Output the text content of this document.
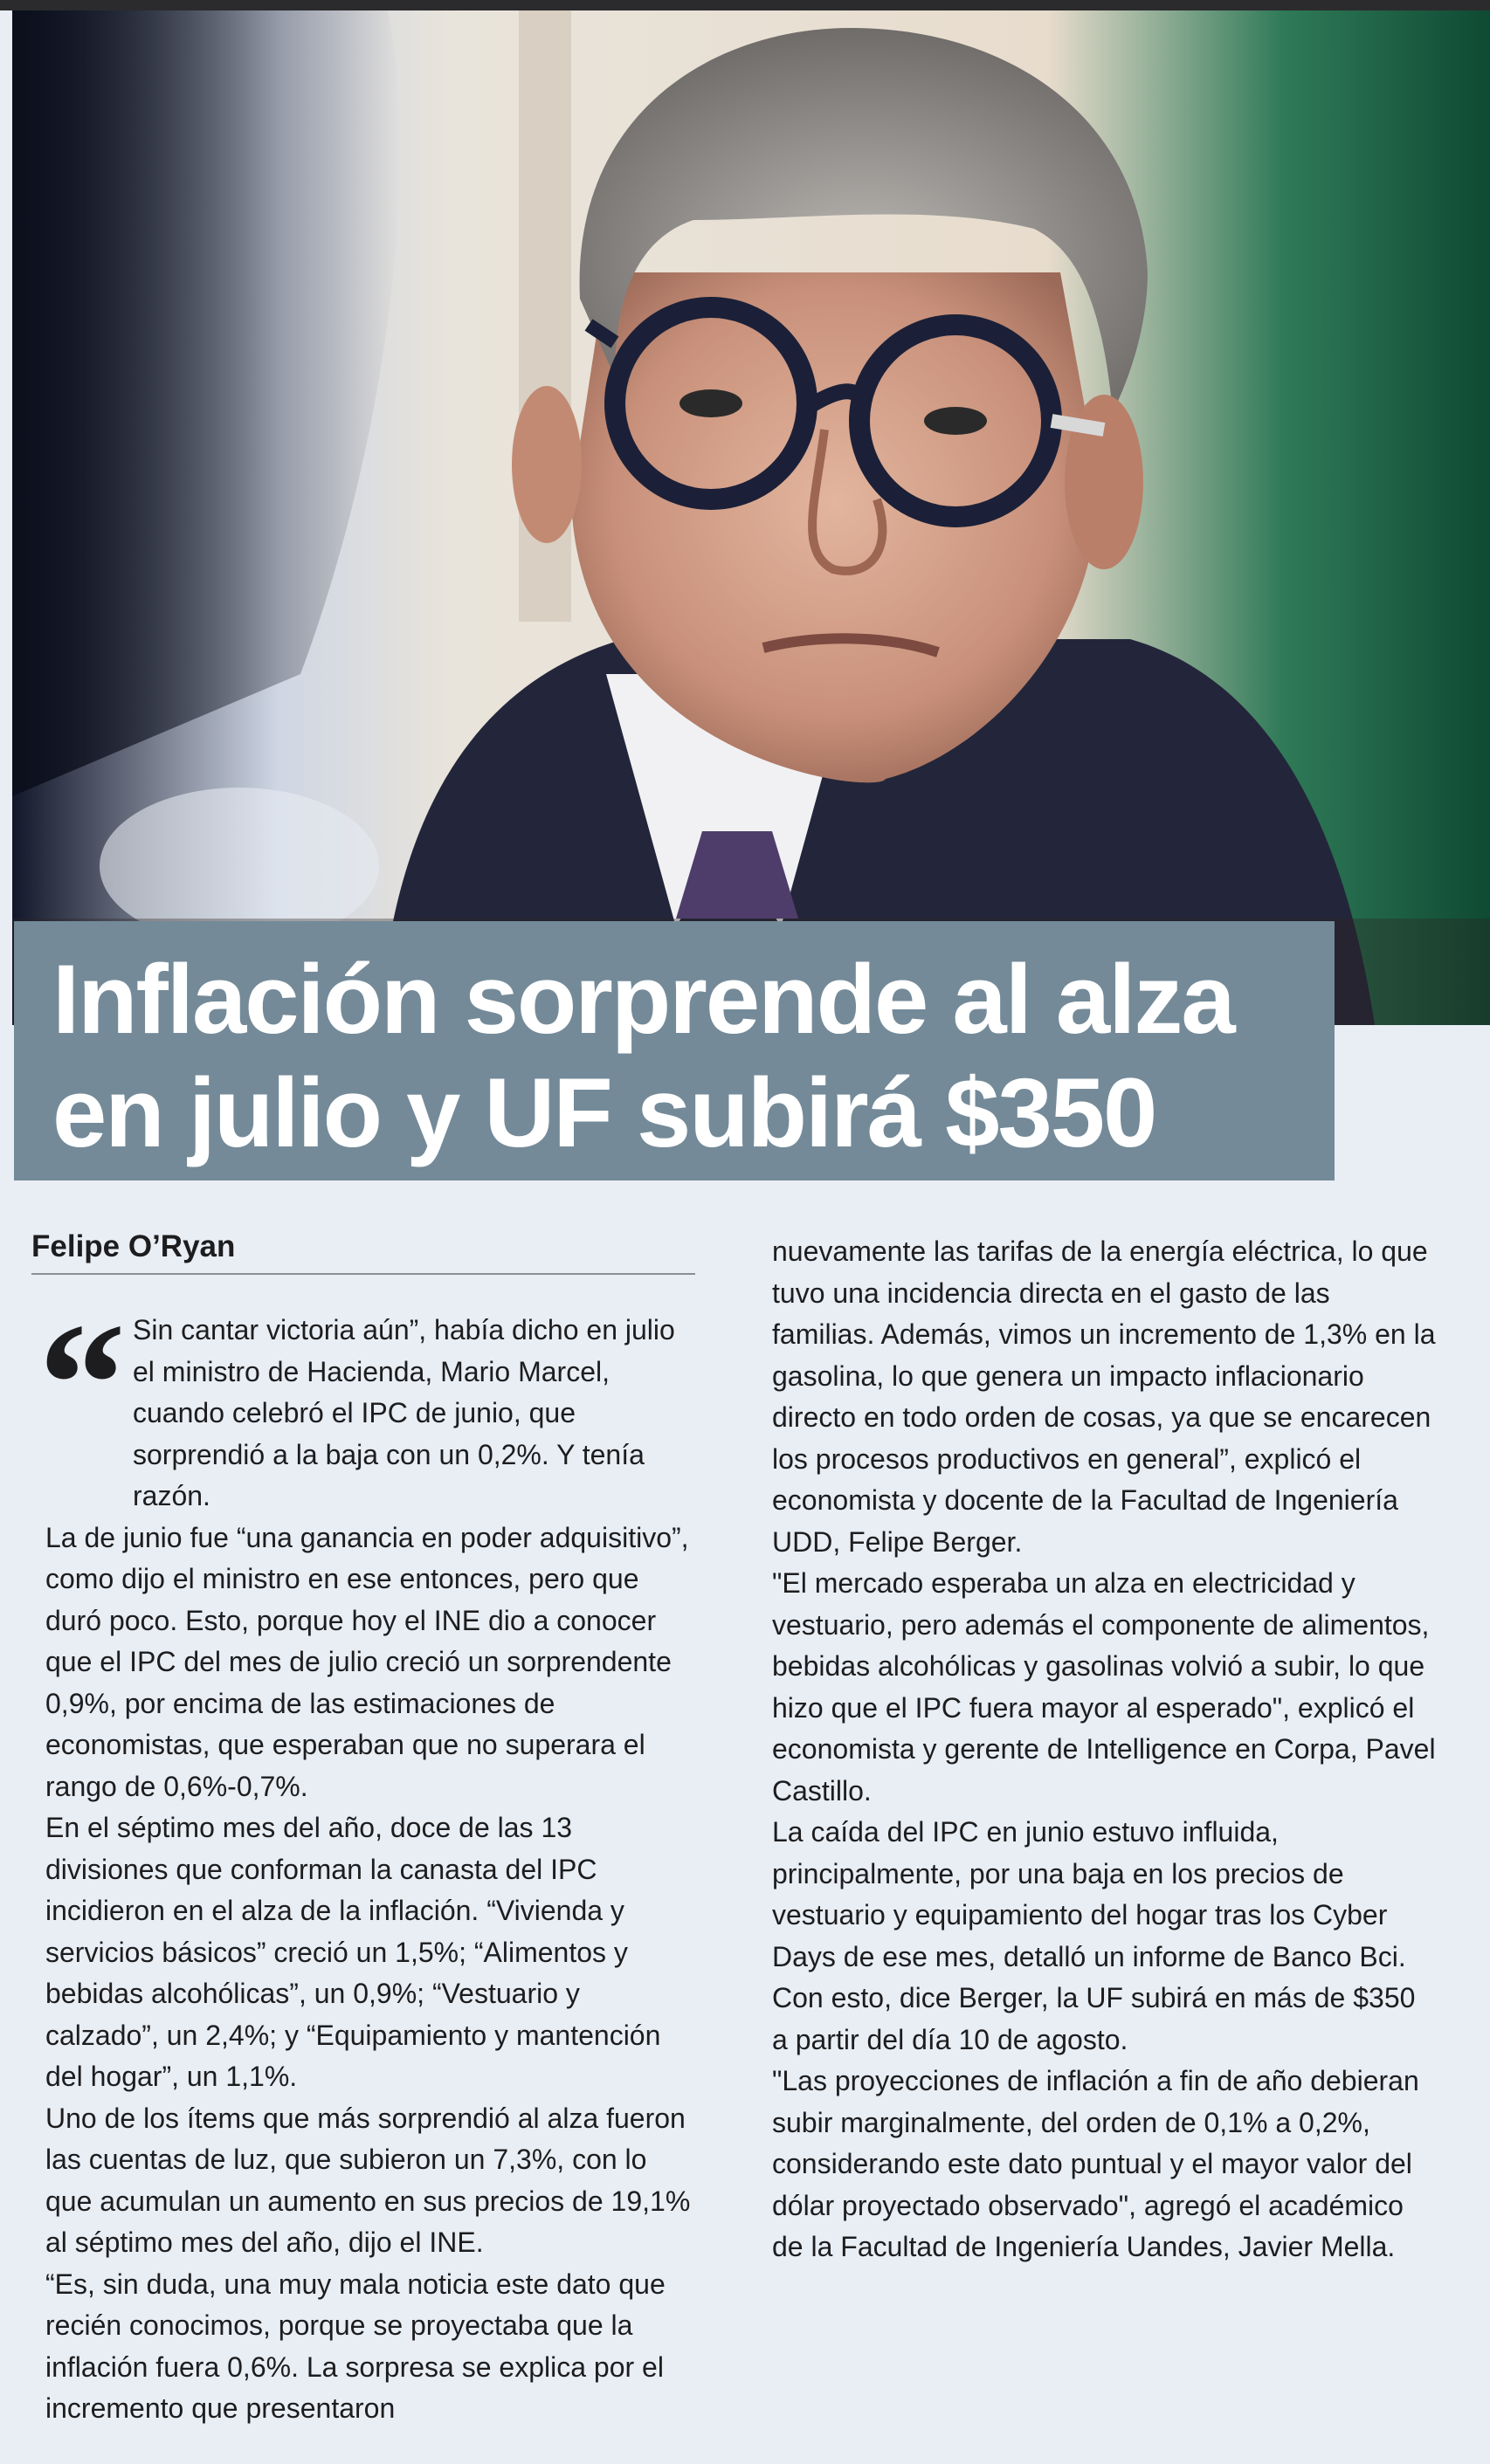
Inflación sorprende al alza en julio y UF subirá $350
Felipe O’Ryan
“ Sin cantar victoria aún”, había dicho en julio el ministro de Hacienda, Mario Marcel, cuando celebró el IPC de junio, que sorprendió a la baja con un 0,2%. Y tenía razón.

La de junio fue “una ganancia en poder adquisitivo”, como dijo el ministro en ese entonces, pero que duró poco. Esto, porque hoy el INE dio a conocer que el IPC del mes de julio creció un sorprendente 0,9%, por encima de las estimaciones de economistas, que esperaban que no superara el rango de 0,6%-0,7%.

En el séptimo mes del año, doce de las 13 divisiones que conforman la canasta del IPC incidieron en el alza de la inflación. “Vivienda y servicios básicos” creció un 1,5%; “Alimentos y bebidas alcohólicas”, un 0,9%; “Vestuario y calzado”, un 2,4%; y “Equipamiento y mantención del hogar”, un 1,1%.

Uno de los ítems que más sorprendió al alza fueron las cuentas de luz, que subieron un 7,3%, con lo que acumulan un aumento en sus precios de 19,1% al séptimo mes del año, dijo el INE.

“Es, sin duda, una muy mala noticia este dato que recién conocimos, porque se proyectaba que la inflación fuera 0,6%. La sorpresa se explica por el incremento que presentaron

nuevamente las tarifas de la energía eléctrica, lo que tuvo una incidencia directa en el gasto de las familias. Además, vimos un incremento de 1,3% en la gasolina, lo que genera un impacto inflacionario directo en todo orden de cosas, ya que se encarecen los procesos productivos en general”, explicó el economista y docente de la Facultad de Ingeniería UDD, Felipe Berger.

"El mercado esperaba un alza en electricidad y vestuario, pero además el componente de alimentos, bebidas alcohólicas y gasolinas volvió a subir, lo que hizo que el IPC fuera mayor al esperado", explicó el economista y gerente de Intelligence en Corpa, Pavel Castillo.

La caída del IPC en junio estuvo influida, principalmente, por una baja en los precios de vestuario y equipamiento del hogar tras los Cyber Days de ese mes, detalló un informe de Banco Bci.

Con esto, dice Berger, la UF subirá en más de $350 a partir del día 10 de agosto.

"Las proyecciones de inflación a fin de año debieran subir marginalmente, del orden de 0,1% a 0,2%, considerando este dato puntual y el mayor valor del dólar proyectado observado", agregó el académico de la Facultad de Ingeniería Uandes, Javier Mella.
